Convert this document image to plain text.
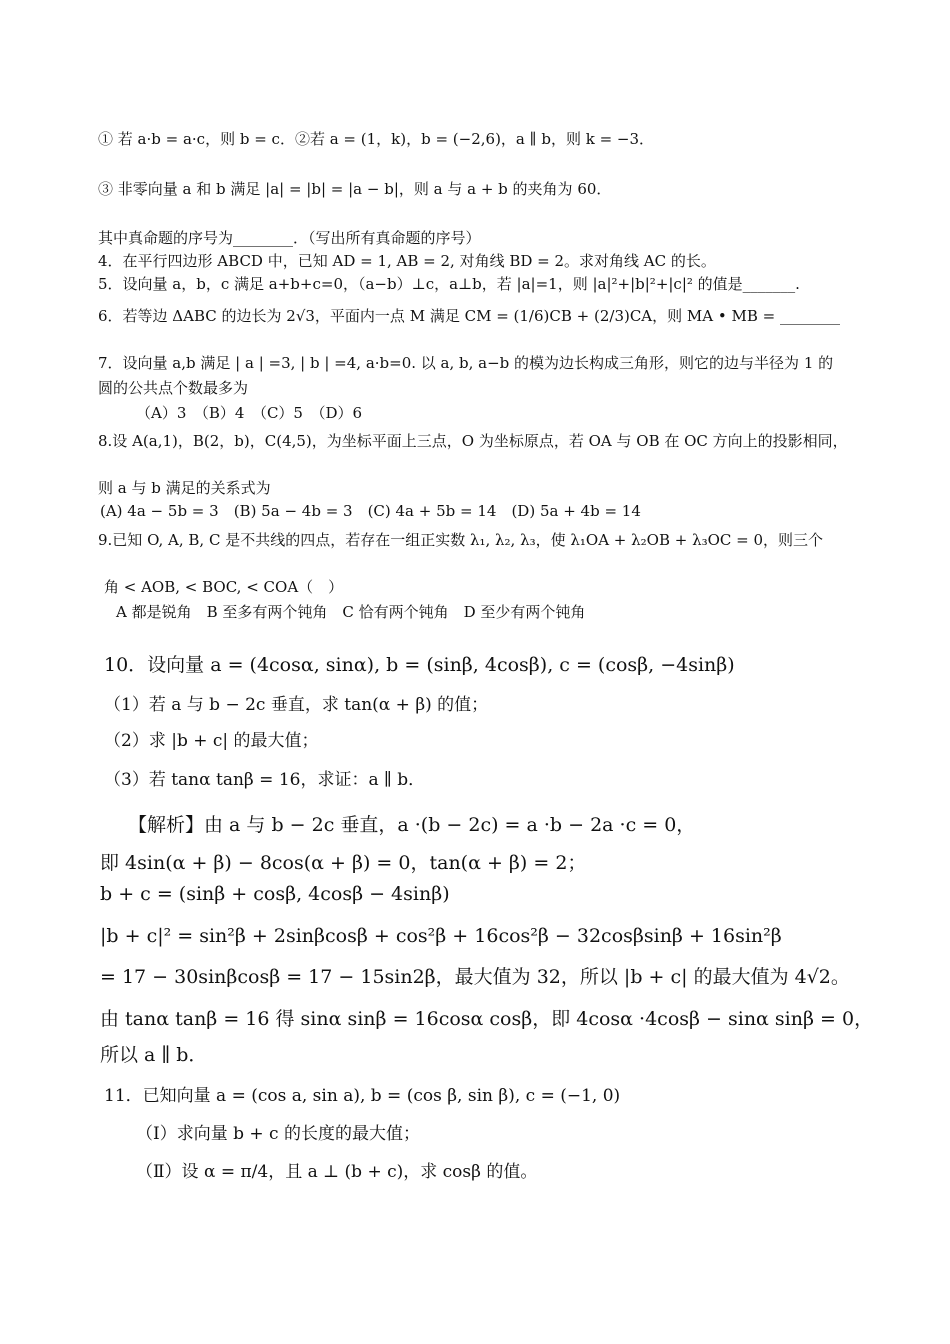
① 若 a·b = a·c，则 b = c．②若 a = (1，k)，b = (−2,6)，a ∥ b，则 k = −3．
③ 非零向量 a 和 b 满足 |a| = |b| = |a − b|，则 a 与 a + b 的夹角为 60．
其中真命题的序号为________．（写出所有真命题的序号）
4．在平行四边形 ABCD 中，已知 AD = 1, AB = 2, 对角线 BD = 2。求对角线 AC 的长。
5．设向量 a，b，c 满足 a+b+c=0，（a−b）⊥c，a⊥b，若 |a|=1，则 |a|²+|b|²+|c|² 的值是_______.
6．若等边 ΔABC 的边长为 2√3，平面内一点 M 满足 CM = (1/6)CB + (2/3)CA，则 MA • MB = ________
7．设向量 a,b 满足 | a | =3, | b | =4, a·b=0. 以 a, b, a−b 的模为边长构成三角形，则它的边与半径为 1 的
圆的公共点个数最多为
（A）3　（B）4　（C）5　（D）6
8.设 A(a,1)，B(2，b)，C(4,5)，为坐标平面上三点，O 为坐标原点，若 OA 与 OB 在 OC 方向上的投影相同，
则 a 与 b 满足的关系式为
(A) 4a − 5b = 3　(B) 5a − 4b = 3　(C) 4a + 5b = 14　(D) 5a + 4b = 14
9.已知 O, A, B, C 是不共线的四点，若存在一组正实数 λ₁, λ₂, λ₃，使 λ₁OA + λ₂OB + λ₃OC = 0，则三个
角 < AOB, < BOC, < COA（　）
A 都是锐角　B 至多有两个钝角　C 恰有两个钝角　D 至少有两个钝角
10．设向量 a = (4cosα, sinα), b = (sinβ, 4cosβ), c = (cosβ, −4sinβ)
（1）若 a 与 b − 2c 垂直，求 tan(α + β) 的值；
（2）求 |b + c| 的最大值；
（3）若 tanα tanβ = 16，求证：a ∥ b．
【解析】由 a 与 b − 2c 垂直，a ·(b − 2c) = a ·b − 2a ·c = 0，
即 4sin(α + β) − 8cos(α + β) = 0，tan(α + β) = 2；
b + c = (sinβ + cosβ, 4cosβ − 4sinβ)
|b + c|² = sin²β + 2sinβcosβ + cos²β + 16cos²β − 32cosβsinβ + 16sin²β
= 17 − 30sinβcosβ = 17 − 15sin2β，最大值为 32，所以 |b + c| 的最大值为 4√2。
由 tanα tanβ = 16 得 sinα sinβ = 16cosα cosβ，即 4cosα ·4cosβ − sinα sinβ = 0，
所以 a ∥ b．
11．已知向量 a = (cos a, sin a), b = (cos β, sin β), c = (−1, 0)
（Ⅰ）求向量 b + c 的长度的最大值；
（Ⅱ）设 α = π/4，且 a ⊥ (b + c)，求 cosβ 的值。
